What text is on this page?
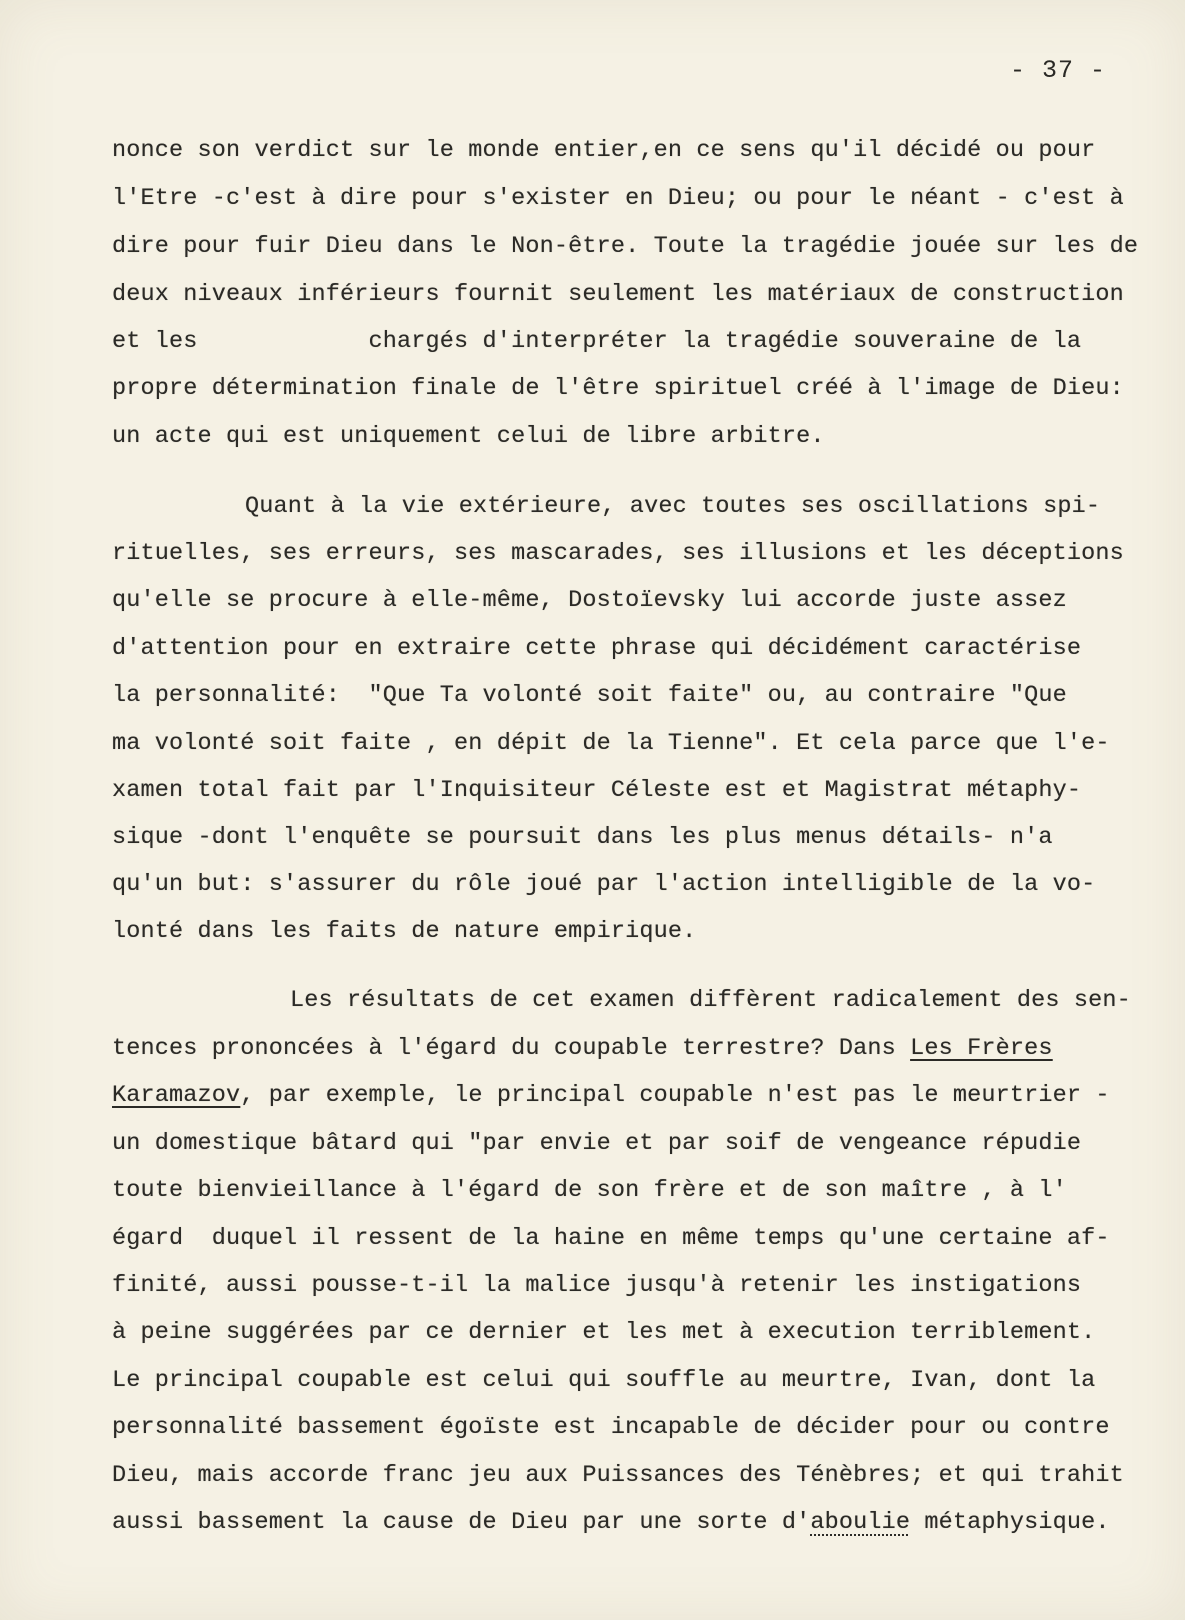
- 37 -
nonce son verdict sur le monde entier,en ce sens qu'il décidé ou pour
l'Etre -c'est à dire pour s'exister en Dieu; ou pour le néant - c'est à
dire pour fuir Dieu dans le Non-être. Toute la tragédie jouée sur les de
deux niveaux inférieurs fournit seulement les matériaux de construction
et les            chargés d'interpréter la tragédie souveraine de la
propre détermination finale de l'être spirituel créé à l'image de Dieu:
un acte qui est uniquement celui de libre arbitre.
Quant à la vie extérieure, avec toutes ses oscillations spi-
rituelles, ses erreurs, ses mascarades, ses illusions et les déceptions
qu'elle se procure à elle-même, Dostoïevsky lui accorde juste assez
d'attention pour en extraire cette phrase qui décidément caractérise
la personnalité:  "Que Ta volonté soit faite" ou, au contraire "Que
ma volonté soit faite , en dépit de la Tienne". Et cela parce que l'e-
xamen total fait par l'Inquisiteur Céleste est et Magistrat métaphy-
sique -dont l'enquête se poursuit dans les plus menus détails- n'a
qu'un but: s'assurer du rôle joué par l'action intelligible de la vo-
lonté dans les faits de nature empirique.
Les résultats de cet examen diffèrent radicalement des sen-
tences prononcées à l'égard du coupable terrestre? Dans Les Frères
Karamazov, par exemple, le principal coupable n'est pas le meurtrier -
un domestique bâtard qui "par envie et par soif de vengeance répudie
toute bienvieillance à l'égard de son frère et de son maître , à l'
égard  duquel il ressent de la haine en même temps qu'une certaine af-
finité, aussi pousse-t-il la malice jusqu'à retenir les instigations
à peine suggérées par ce dernier et les met à execution terriblement.
Le principal coupable est celui qui souffle au meurtre, Ivan, dont la
personnalité bassement égoïste est incapable de décider pour ou contre
Dieu, mais accorde franc jeu aux Puissances des Ténèbres; et qui trahit
aussi bassement la cause de Dieu par une sorte d'aboulie métaphysique.
